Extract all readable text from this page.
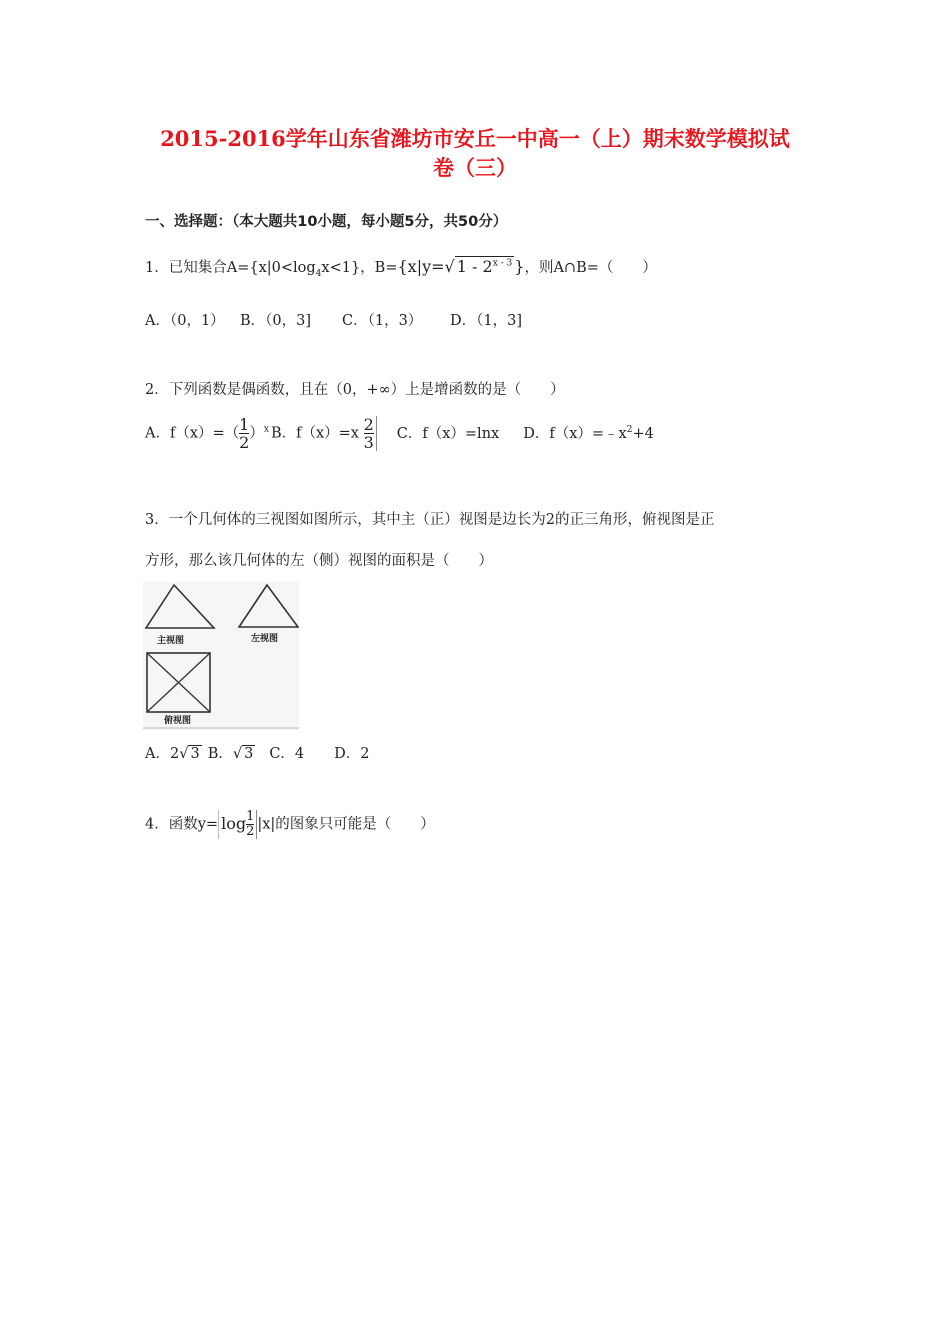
2015-2016学年山东省潍坊市安丘一中高一（上）期末数学模拟试
卷（三）
一、选择题：（本大题共10小题，每小题5分，共50分）
1．已知集合$A=\{x|0<\log_4x<1\}$，B={x|y=√ 1 - 2$^{x - 3}$ }，则A∩B=（　　）
A．（0，1） B．（0，3] C．（1，3） D．（1，3]
2．下列函数是偶函数，且在（0，+∞）上是增函数的是（　　）
A．$f(x)=( \frac{1}{2} )^x$ B．$f(x)=x \frac{2}{3}$ C．f（x）=lnx D．$f(x)=﹣x^2+4$
3．一个几何体的三视图如图所示，其中主（正）视图是边长为2的正三角形，俯视图是正
方形，那么该几何体的左（侧）视图的面积是（　　）
主视图	左视图
俯视图
A．2√ 3 B．√ 3 C．4 D．2
4．函数$y= \log \frac{1}{2} |x|$的图象只可能是（　　）
